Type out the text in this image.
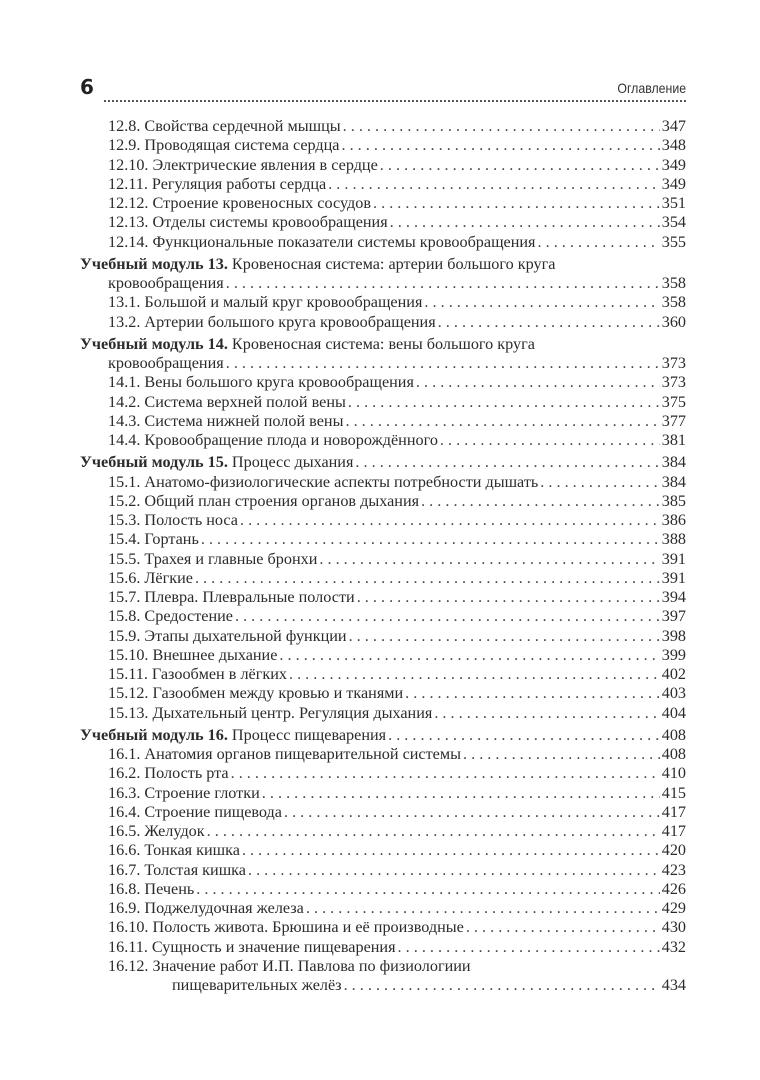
6	Оглавление
12.8. Свойства сердечной мышцы . . .	347
12.9. Проводящая система сердца . . .	348
12.10. Электрические явления в сердце . . .	349
12.11. Регуляция работы сердца . . .	349
12.12. Строение кровеносных сосудов . . .	351
12.13. Отделы системы кровообращения . . .	354
12.14. Функциональные показатели системы кровообращения . . .	355
Учебный модуль 13. Кровеносная система: артерии большого круга
кровообращения . . .	358
13.1. Большой и малый круг кровообращения . . .	358
13.2. Артерии большого круга кровообращения . . .	360
Учебный модуль 14. Кровеносная система: вены большого круга
кровообращения . . .	373
14.1. Вены большого круга кровообращения . . .	373
14.2. Система верхней полой вены . . .	375
14.3. Система нижней полой вены . . .	377
14.4. Кровообращение плода и новорождённого . . .	381
Учебный модуль 15. Процесс дыхания . . .	384
15.1. Анатомо-физиологические аспекты потребности дышать . . .	384
15.2. Общий план строения органов дыхания . . .	385
15.3. Полость носа . . .	386
15.4. Гортань . . .	388
15.5. Трахея и главные бронхи . . .	391
15.6. Лёгкие . . .	391
15.7. Плевра. Плевральные полости . . .	394
15.8. Средостение . . .	397
15.9. Этапы дыхательной функции . . .	398
15.10. Внешнее дыхание . . .	399
15.11. Газообмен в лёгких . . .	402
15.12. Газообмен между кровью и тканями . . .	403
15.13. Дыхательный центр. Регуляция дыхания . . .	404
Учебный модуль 16. Процесс пищеварения . . .	408
16.1. Анатомия органов пищеварительной системы . . .	408
16.2. Полость рта . . .	410
16.3. Строение глотки . . .	415
16.4. Строение пищевода . . .	417
16.5. Желудок . . .	417
16.6. Тонкая кишка . . .	420
16.7. Толстая кишка . . .	423
16.8. Печень . . .	426
16.9. Поджелудочная железа . . .	429
16.10. Полость живота. Брюшина и её производные . . .	430
16.11. Сущность и значение пищеварения . . .	432
16.12. Значение работ И.П. Павлова по физиологиии
пищеварительных желёз . . .	434
